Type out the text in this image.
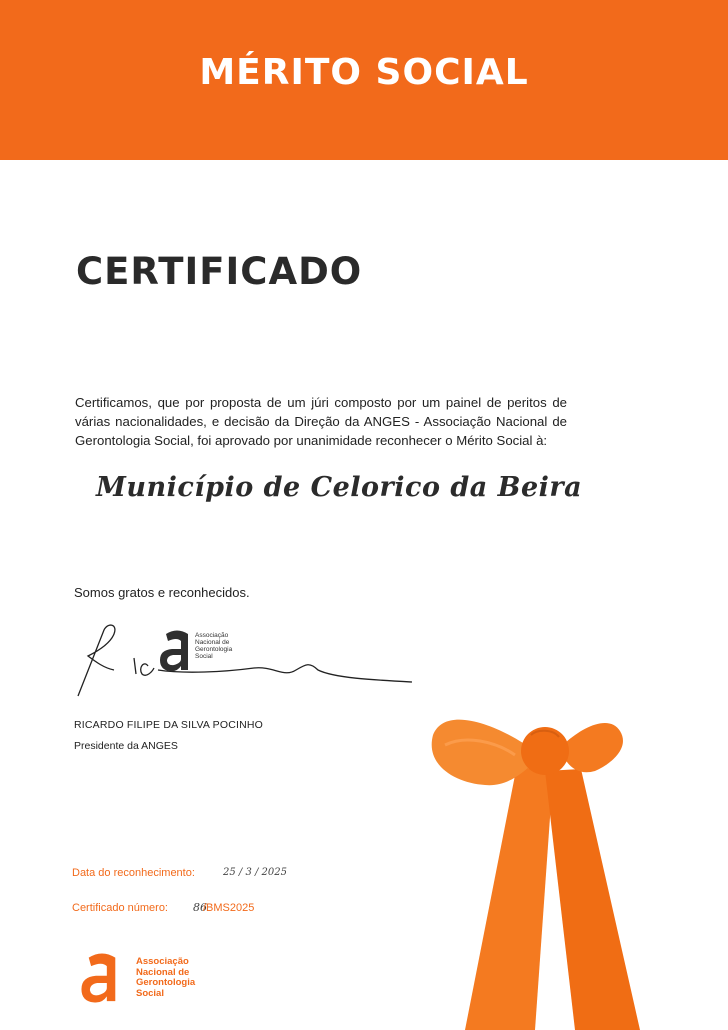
MÉRITO SOCIAL
CERTIFICADO
Certificamos, que por proposta de um júri composto por um painel de peritos de várias nacionalidades, e decisão da Direção da ANGES - Associação Nacional de Gerontologia Social, foi aprovado por unanimidade reconhecer o Mérito Social à:
Município de Celorico da Beira
Somos gratos e reconhecidos.
Associação
Nacional de
Gerontologia
Social
RICARDO FILIPE DA SILVA POCINHO
Presidente da ANGES
Data do reconhecimento:	25 / 3 / 2025
Certificado número: 86
/BMS2025
Associação
Nacional de
Gerontologia
Social
